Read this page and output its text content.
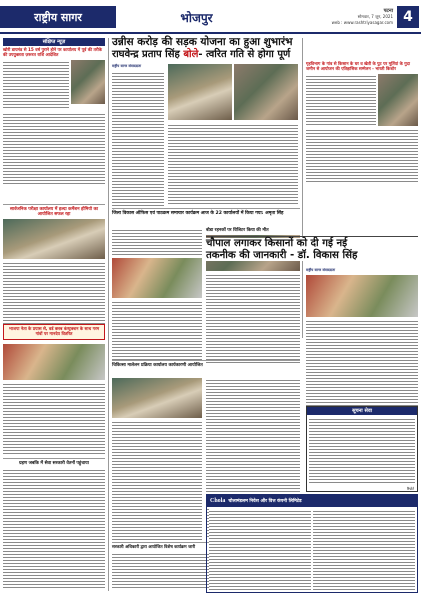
राष्ट्रीय सागर	भोजपुर	पटना
सोमवार, 7 जून, 2021
web : www.rashtriyasagar.com 4
संक्षिप्त न्यूज़
खोरी डायमंड से 15 वर्ष पुराने होने पर कार्यालय में पूर्व की तरीके की उपयुक्तता ज़रूरत राशि आदेशित
सार्वजनिक परीक्षा कार्यालय में हल्दा कर्मेशन होमियो का आयोजित सफल रहा
भाजपा नेता के प्रयास से, वर्ड क्लब कंस्ट्रक्शन के साथ गरम गांवों पर मानदेय वितरित
ग्रहण जबकि में सेवा सरकारी वेतनों पहुंचाया
उन्नीस करोड़ की सड़क योजना का हुआ शुभारंभ
राघवेन्द्र प्रताप सिंह बोले- त्वरित गति से होगा पूर्ण
राष्ट्रीय सागर संवाददाता
जिला विकास ऑफिस एवं पाठक्रम समाचार कार्यक्रम आज के 22 कार्यालयों में किया गया: अमृता सिंह
बोडा रहनकों पर विजिटर किया की मौत
चिकित्सा मालेलन प्रक्रिया कार्यालय कार्यकारणी आयोजित
सरकारी अधिकारी द्वारा आयोजित विशेष कार्यक्रम जारी
गृहविभाग के गांव से किसान के घर व खेती के पुट पर मूर्तियां के गुदा जमीन से आयोजन की एतिहासिक सम्मेलन - भारती किशोर
चौपाल लगाकर किसानों को दी गई नई
तकनीक की जानकारी - डॉ. विकास सिंह
राष्ट्रीय सागर संवाददाता
सूचना सेवा
रिपोर्ट
Chola चोलामंडलम निवेश और वित्त कंपनी लिमिटेड
